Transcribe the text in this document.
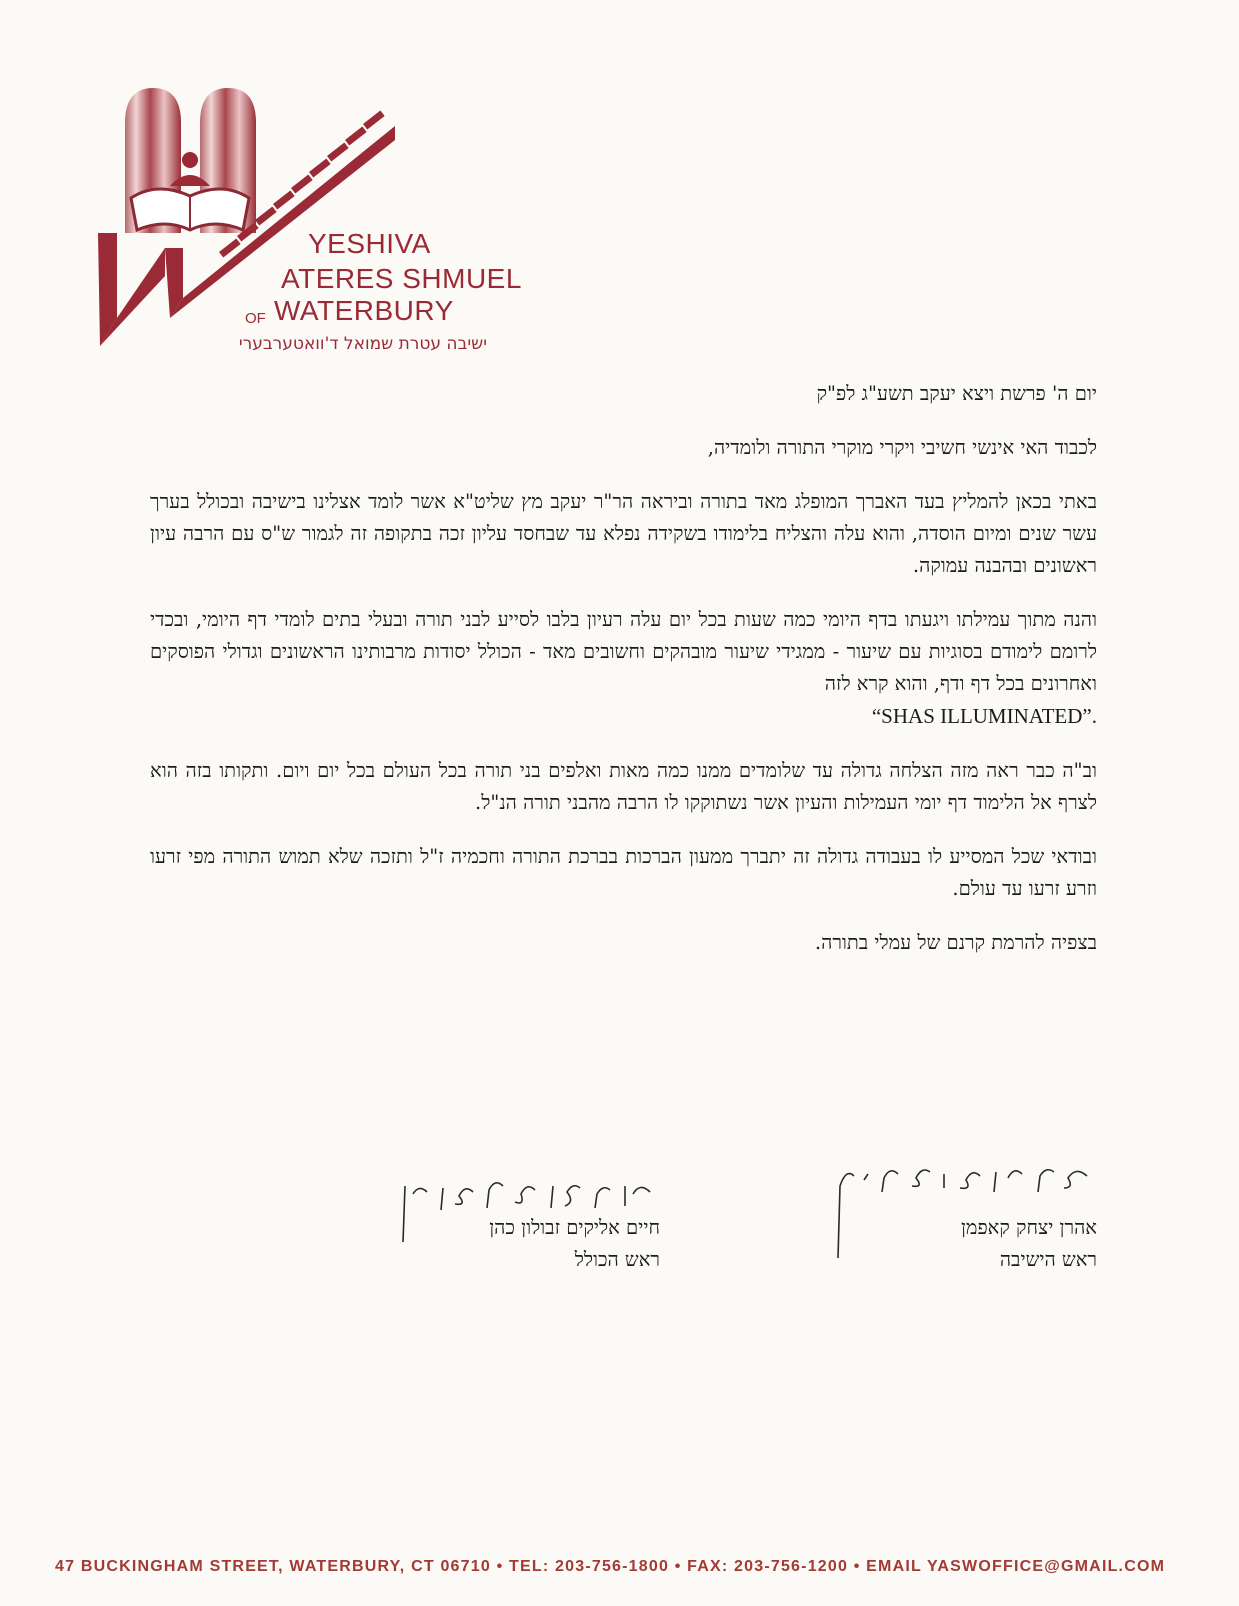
YESHIVA
ATERES SHMUEL
OF WATERBURY
ישיבה עטרת שמואל ד'וואטערבערי

יום ה' פרשת ויצא יעקב תשע"ג לפ"ק

לכבוד האי אינשי חשיבי ויקרי מוקרי התורה ולומדיה,

באתי בכאן להמליץ בעד האברך המופלג מאד בתורה וביראה הר"ר יעקב מץ שליט"א אשר לומד אצלינו בישיבה ובכולל בערך עשר שנים ומיום הוסדה, והוא עלה והצליח בלימודו בשקידה נפלא עד שבחסד עליון זכה בתקופה זה לגמור ש"ס עם הרבה עיון ראשונים ובהבנה עמוקה.

והנה מתוך עמילתו ויגעתו בדף היומי כמה שעות בכל יום עלה רעיון בלבו לסייע לבני תורה ובעלי בתים לומדי דף היומי, ובכדי לרומם לימודם בסוגיות עם שיעור - ממגידי שיעור מובהקים וחשובים מאד - הכולל יסודות מרבותינו הראשונים וגדולי הפוסקים ואחרונים בכל דף ודף, והוא קרא לזה
“SHAS ILLUMINATED”.

וב"ה כבר ראה מזה הצלחה גדולה עד שלומדים ממנו כמה מאות ואלפים בני תורה בכל העולם בכל יום ויום. ותקותו בזה הוא לצרף אל הלימוד דף יומי העמילות והעיון אשר נשתוקקו לו הרבה מהבני תורה הנ"ל.

ובודאי שכל המסייע לו בעבודה גדולה זה יתברך ממעון הברכות בברכת התורה וחכמיה ז"ל ותזכה שלא תמוש התורה מפי זרעו וזרע זרעו עד עולם.

בצפיה להרמת קרנם של עמלי בתורה.

חיים אליקים זבולון כהן
ראש הכולל
אהרן יצחק קאפמן
ראש הישיבה
47 BUCKINGHAM STREET, WATERBURY, CT 06710 • TEL: 203-756-1800 • FAX: 203-756-1200 • EMAIL YASWOFFICE@GMAIL.COM
